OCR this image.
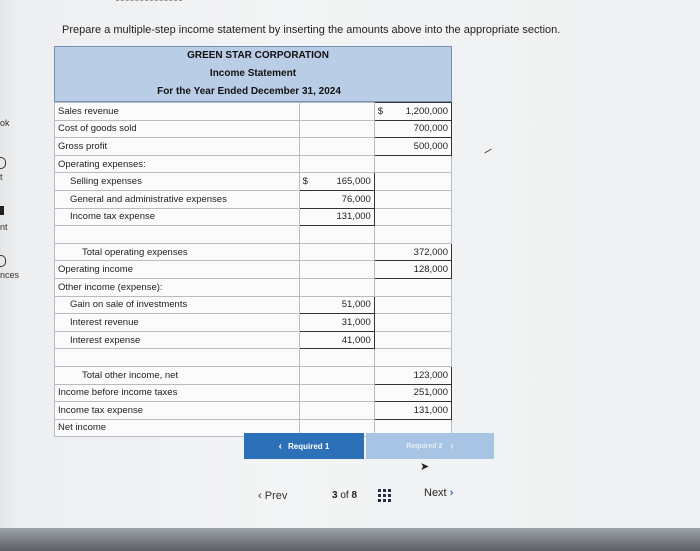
ok
t
nt
nces
Prepare a multiple-step income statement by inserting the amounts above into the appropriate section.
GREEN STAR CORPORATION
Income Statement
For the Year Ended December 31, 2024
Sales revenue		$ 1,200,000
Cost of goods sold		700,000
Gross profit		500,000
Operating expenses:		
Selling expenses	$ 165,000	
General and administrative expenses	76,000	
Income tax expense	131,000	

Total operating expenses		372,000
Operating income		128,000
Other income (expense):		
Gain on sale of investments	51,000	
Interest revenue	31,000	
Interest expense	41,000	

Total other income, net		123,000
Income before income taxes		251,000
Income tax expense		131,000
Net income		
‹ Required 1	Required 2 ›
➤
‹ Prev	3 of 8	Next ›
